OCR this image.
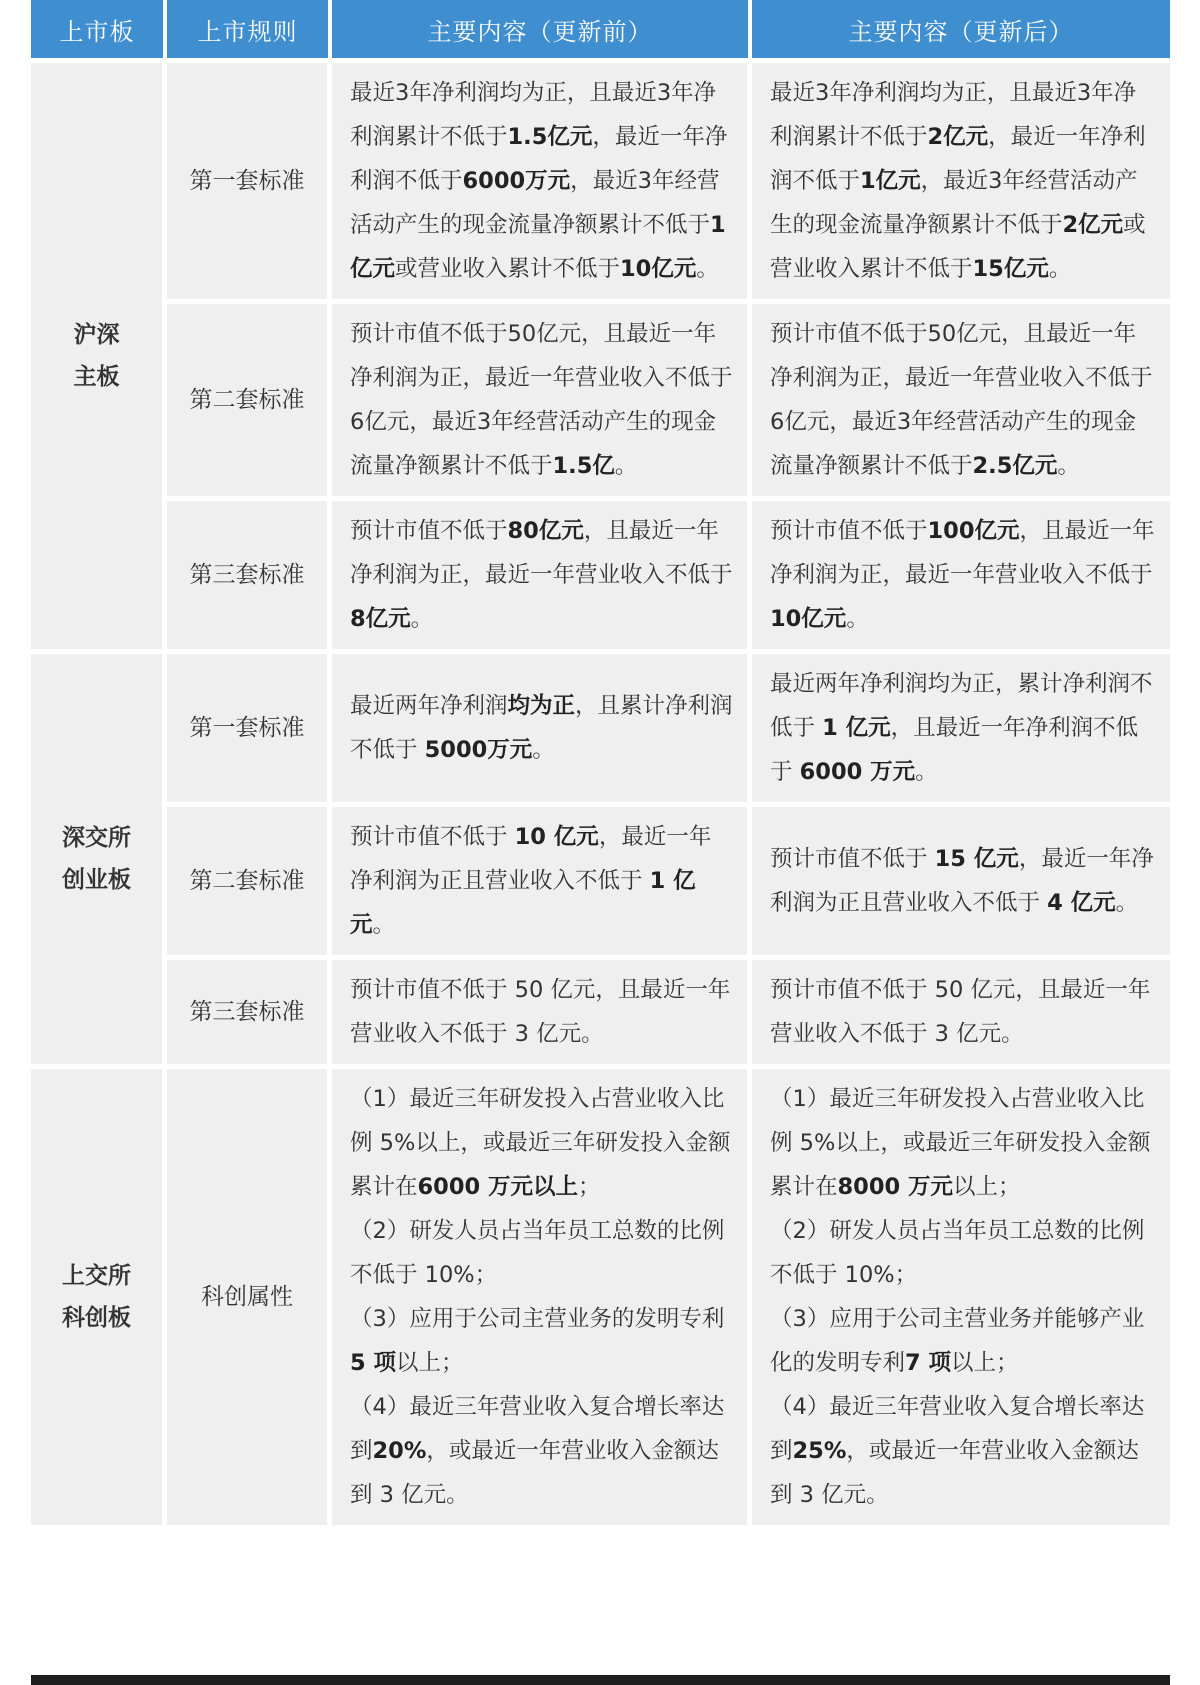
上市板	上市规则	主要内容（更新前）	主要内容（更新后）
沪深
主板	第一套标准	最近3年净利润均为正，且最近3年净利润累计不低于1.5亿元，最近一年净利润不低于6000万元，最近3年经营活动产生的现金流量净额累计不低于1亿元或营业收入累计不低于10亿元。	最近3年净利润均为正，且最近3年净利润累计不低于2亿元，最近一年净利润不低于1亿元，最近3年经营活动产生的现金流量净额累计不低于2亿元或营业收入累计不低于15亿元。
	第二套标准	预计市值不低于50亿元，且最近一年净利润为正，最近一年营业收入不低于6亿元，最近3年经营活动产生的现金流量净额累计不低于1.5亿。	预计市值不低于50亿元，且最近一年净利润为正，最近一年营业收入不低于6亿元，最近3年经营活动产生的现金流量净额累计不低于2.5亿元。
	第三套标准	预计市值不低于80亿元，且最近一年净利润为正，最近一年营业收入不低于8亿元。	预计市值不低于100亿元，且最近一年净利润为正，最近一年营业收入不低于10亿元。
深交所
创业板	第一套标准	最近两年净利润均为正，且累计净利润不低于 5000万元。	最近两年净利润均为正，累计净利润不低于 1 亿元，且最近一年净利润不低于 6000 万元。
	第二套标准	预计市值不低于 10 亿元，最近一年净利润为正且营业收入不低于 1 亿元。	预计市值不低于 15 亿元，最近一年净利润为正且营业收入不低于 4 亿元。
	第三套标准	预计市值不低于 50 亿元，且最近一年营业收入不低于 3 亿元。	预计市值不低于 50 亿元，且最近一年营业收入不低于 3 亿元。
上交所
科创板	科创属性	（1）最近三年研发投入占营业收入比例 5%以上，或最近三年研发投入金额累计在6000 万元以上；
（2）研发人员占当年员工总数的比例不低于 10%；
（3）应用于公司主营业务的发明专利5 项以上；
（4）最近三年营业收入复合增长率达到20%，或最近一年营业收入金额达到 3 亿元。	（1）最近三年研发投入占营业收入比例 5%以上，或最近三年研发投入金额累计在8000 万元以上；
（2）研发人员占当年员工总数的比例不低于 10%；
（3）应用于公司主营业务并能够产业化的发明专利7 项以上；
（4）最近三年营业收入复合增长率达到25%，或最近一年营业收入金额达到 3 亿元。
